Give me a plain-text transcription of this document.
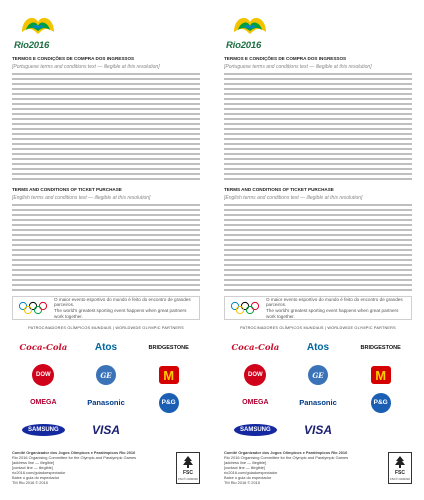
Rio2016
TERMOS E CONDIÇÕES DE COMPRA DOS INGRESSOS
[Portuguese terms and conditions text — illegible at this resolution]
TERMS AND CONDITIONS OF TICKET PURCHASE
[English terms and conditions text — illegible at this resolution]
O maior evento esportivo do mundo é feito do encontro de grandes parceiros.
The world's greatest sporting event happens when great partners work together.
PATROCINADORES OLÍMPICOS MUNDIAIS | WORLDWIDE OLYMPIC PARTNERS
Coca-Cola	Atos	BRIDGESTONE
DOW	GE	M
OMEGA	Panasonic	P&G
SAMSUNG	VISA
Comitê Organizador dos Jogos Olímpicos e Paralímpicos Rio 2016
Rio 2016 Organising Committee for the Olympic and Paralympic Games
[address line — illegible]
[contact line — illegible]
rio2016.com/guiadoespectador
Baixe o guia do espectador
TM Rio 2016 © 2015
FSC
FSC® C000000
Rio2016
TERMOS E CONDIÇÕES DE COMPRA DOS INGRESSOS
[Portuguese terms and conditions text — illegible at this resolution]
TERMS AND CONDITIONS OF TICKET PURCHASE
[English terms and conditions text — illegible at this resolution]
O maior evento esportivo do mundo é feito do encontro de grandes parceiros.
The world's greatest sporting event happens when great partners work together.
PATROCINADORES OLÍMPICOS MUNDIAIS | WORLDWIDE OLYMPIC PARTNERS
Coca-Cola	Atos	BRIDGESTONE
DOW	GE	M
OMEGA	Panasonic	P&G
SAMSUNG	VISA
Comitê Organizador dos Jogos Olímpicos e Paralímpicos Rio 2016
Rio 2016 Organising Committee for the Olympic and Paralympic Games
[address line — illegible]
[contact line — illegible]
rio2016.com/guiadoespectador
Baixe o guia do espectador
TM Rio 2016 © 2015
FSC
FSC® C000000
